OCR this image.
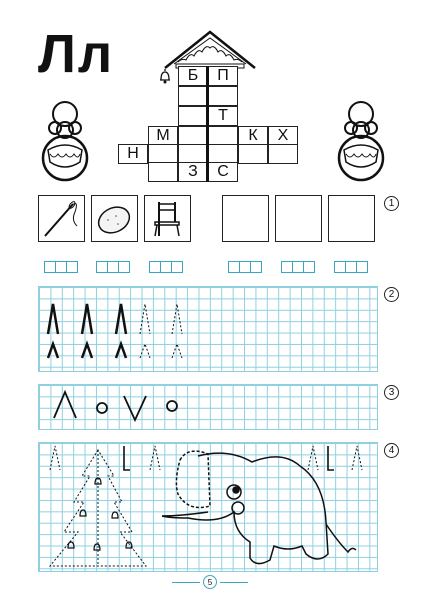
Лл	Б	П
Т
М	К	Х
Н
З	С
1
2
3
4
5
